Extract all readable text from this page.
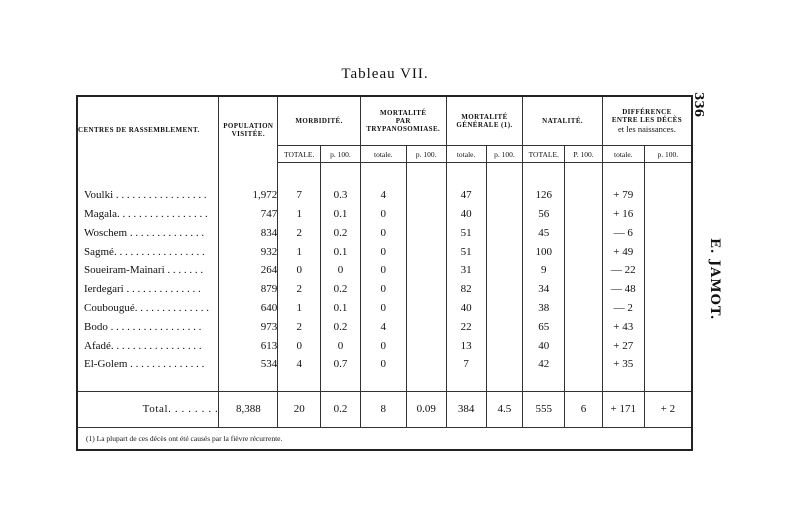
Tableau VII.
336
E. JAMOT.
CENTRES DE RASSEMBLEMENT.	POPULATION
VISITÉE.	MORBIDITÉ.		MORTALITÉ
PAR TRYPANOSOMIASE.		MORTALITÉ
GÉNÉRALE (1).		NATALITÉ.		DIFFÉRENCE
ENTRE LES DÉCÈS
et les naissances.	

		TOTALE.	p. 100.	totale.	p. 100.	totale.	p. 100.	TOTALE.	P. 100.	totale.	p. 100.

Voulki . . . . . . . . . . . . . . . . .	1,972	7	0.3	4		47		126		+ 79	
Magala. . . . . . . . . . . . . . . . .	747	1	0.1	0		40		56		+ 16	
Woschem . . . . . . . . . . . . . .	834	2	0.2	0		51		45		— 6	
Sagmé. . . . . . . . . . . . . . . . .	932	1	0.1	0		51		100		+ 49	
Soueiram-Mainari . . . . . . .	264	0	0	0		31		9		— 22	
Ierdegari . . . . . . . . . . . . . .	879	2	0.2	0		82		34		— 48	
Coubougué. . . . . . . . . . . . . .	640	1	0.1	0		40		38		— 2	
Bodo . . . . . . . . . . . . . . . . .	973	2	0.2	4		22		65		+ 43	
Afadé. . . . . . . . . . . . . . . . .	613	0	0	0		13		40		+ 27	
El-Golem . . . . . . . . . . . . . .	534	4	0.7	0		7		42		+ 35	

Total. . . . . . . .	8,388	20	0.2	8	0.09	384	4.5	555	6	+ 171	+ 2
(1) La plupart de ces décès ont été causés par la fièvre récurrente.											
